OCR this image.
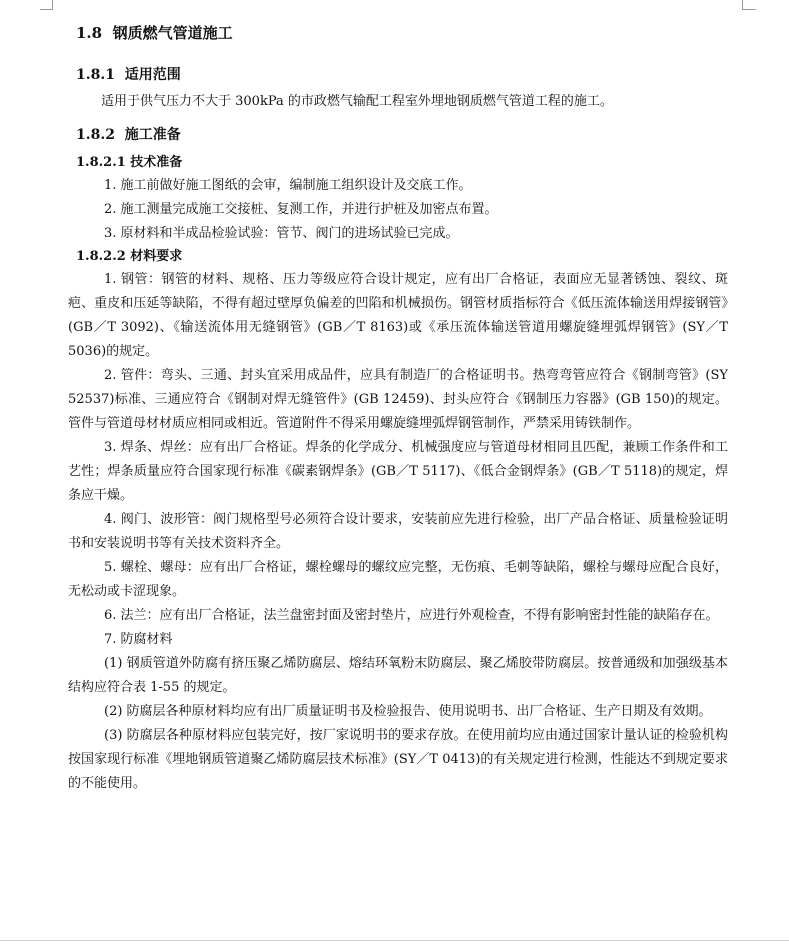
1.8 钢质燃气管道施工
1.8.1 适用范围

适用于供气压力不大于 300kPa 的市政燃气输配工程室外埋地钢质燃气管道工程的施工。

1.8.2 施工准备
1.8.2.1 技术准备

1. 施工前做好施工图纸的会审，编制施工组织设计及交底工作。

2. 施工测量完成施工交接桩、复测工作，并进行护桩及加密点布置。

3. 原材料和半成品检验试验：管节、阀门的进场试验已完成。

1.8.2.2 材料要求

1. 钢管：钢管的材料、规格、压力等级应符合设计规定，应有出厂合格证，表面应无显著锈蚀、裂纹、斑疤、重皮和压延等缺陷，不得有超过壁厚负偏差的凹陷和机械损伤。钢管材质指标符合《低压流体输送用焊接钢管》(GB／T 3092)、《输送流体用无缝钢管》(GB／T 8163)或《承压流体输送管道用螺旋缝埋弧焊钢管》(SY／T 5036)的规定。

2. 管件：弯头、三通、封头宜采用成品件，应具有制造厂的合格证明书。热弯弯管应符合《钢制弯管》(SY 52537)标准、三通应符合《钢制对焊无缝管件》(GB 12459)、封头应符合《钢制压力容器》(GB 150)的规定。管件与管道母材材质应相同或相近。管道附件不得采用螺旋缝埋弧焊钢管制作，严禁采用铸铁制作。

3. 焊条、焊丝：应有出厂合格证。焊条的化学成分、机械强度应与管道母材相同且匹配，兼顾工作条件和工艺性；焊条质量应符合国家现行标准《碳素钢焊条》(GB／T 5117)、《低合金钢焊条》(GB／T 5118)的规定，焊条应干燥。

4. 阀门、波形管：阀门规格型号必须符合设计要求，安装前应先进行检验，出厂产品合格证、质量检验证明书和安装说明书等有关技术资料齐全。

5. 螺栓、螺母：应有出厂合格证，螺栓螺母的螺纹应完整，无伤痕、毛刺等缺陷，螺栓与螺母应配合良好，无松动或卡涩现象。

6. 法兰：应有出厂合格证，法兰盘密封面及密封垫片，应进行外观检查，不得有影响密封性能的缺陷存在。

7. 防腐材料

(1) 钢质管道外防腐有挤压聚乙烯防腐层、熔结环氧粉末防腐层、聚乙烯胶带防腐层。按普通级和加强级基本结构应符合表 1-55 的规定。

(2) 防腐层各种原材料均应有出厂质量证明书及检验报告、使用说明书、出厂合格证、生产日期及有效期。

(3) 防腐层各种原材料应包装完好，按厂家说明书的要求存放。在使用前均应由通过国家计量认证的检验机构按国家现行标准《埋地钢质管道聚乙烯防腐层技术标准》(SY／T 0413)的有关规定进行检测，性能达不到规定要求的不能使用。
